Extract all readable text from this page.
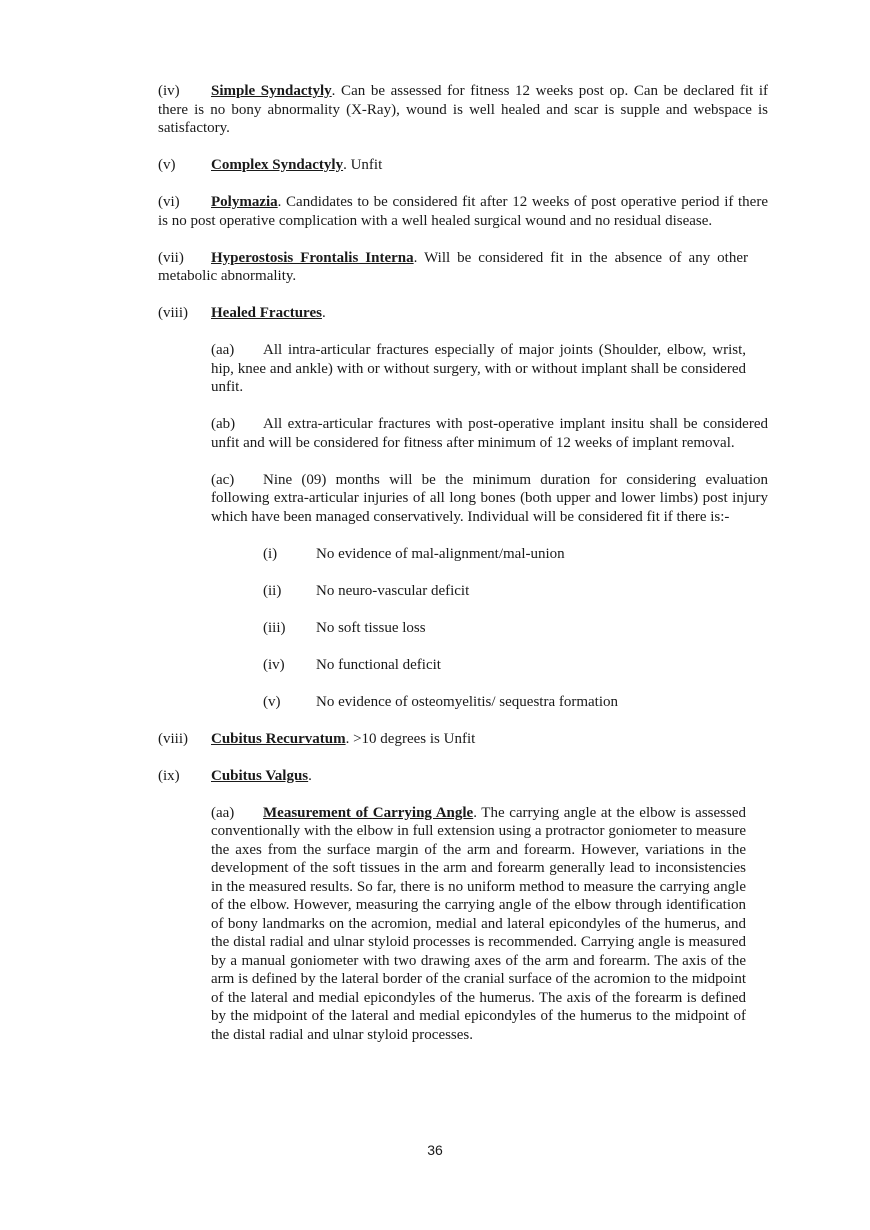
(iv) Simple Syndactyly. Can be assessed for fitness 12 weeks post op. Can be declared fit if there is no bony abnormality (X-Ray), wound is well healed and scar is supple and webspace is satisfactory.

(v) Complex Syndactyly. Unfit

(vi) Polymazia. Candidates to be considered fit after 12 weeks of post operative period if there is no post operative complication with a well healed surgical wound and no residual disease.

(vii) Hyperostosis Frontalis Interna. Will be considered fit in the absence of any other metabolic abnormality.

(viii) Healed Fractures.

(aa) All intra-articular fractures especially of major joints (Shoulder, elbow, wrist, hip, knee and ankle) with or without surgery, with or without implant shall be considered unfit.

(ab) All extra-articular fractures with post-operative implant insitu shall be considered unfit and will be considered for fitness after minimum of 12 weeks of implant removal.

(ac) Nine (09) months will be the minimum duration for considering evaluation following extra-articular injuries of all long bones (both upper and lower limbs) post injury which have been managed conservatively. Individual will be considered fit if there is:-

(i)	No evidence of mal-alignment/mal-union
(ii) No neuro-vascular deficit
(iii) No soft tissue loss
(iv) No functional deficit
(v) No evidence of osteomyelitis/ sequestra formation

(viii) Cubitus Recurvatum. >10 degrees is Unfit

(ix) Cubitus Valgus.

(aa) Measurement of Carrying Angle. The carrying angle at the elbow is assessed conventionally with the elbow in full extension using a protractor goniometer to measure the axes from the surface margin of the arm and forearm. However, variations in the development of the soft tissues in the arm and forearm generally lead to inconsistencies in the measured results. So far, there is no uniform method to measure the carrying angle of the elbow. However, measuring the carrying angle of the elbow through identification of bony landmarks on the acromion, medial and lateral epicondyles of the humerus, and the distal radial and ulnar styloid processes is recommended. Carrying angle is measured by a manual goniometer with two drawing axes of the arm and forearm. The axis of the arm is defined by the lateral border of the cranial surface of the acromion to the midpoint of the lateral and medial epicondyles of the humerus. The axis of the forearm is defined by the midpoint of the lateral and medial epicondyles of the humerus to the midpoint of the distal radial and ulnar styloid processes.

36
